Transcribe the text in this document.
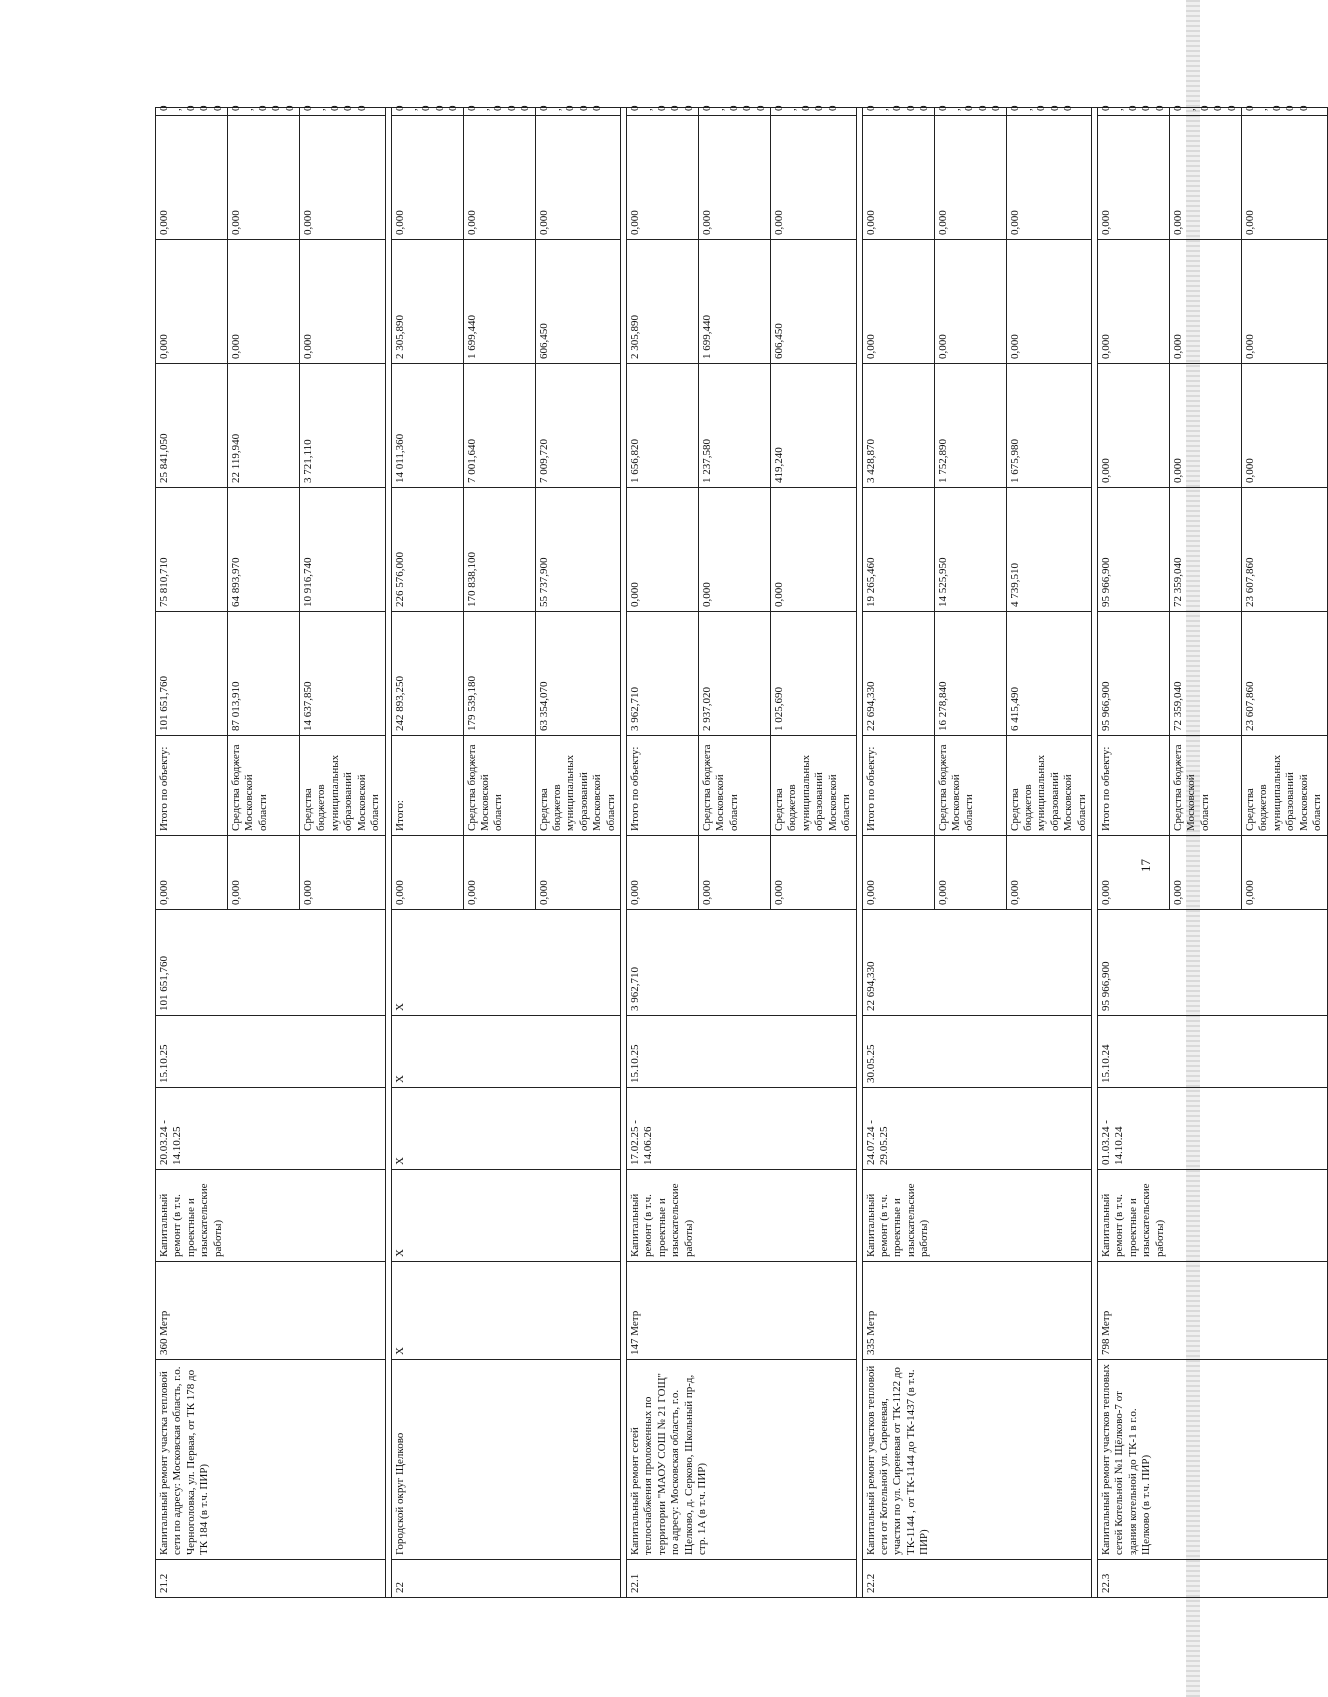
21.2	Капитальный ремонт участка тепловой сети по адресу: Московская область, г.о. Черноголовка, ул. Первая, от ТК 178 до ТК 184 (в т.ч. ПИР)	360 Метр	Капитальный ремонт (в т.ч. проектные и изыскательские работы)	20.03.24 - 14.10.25	15.10.25	101 651,760	0,000	Итого по объекту:	101 651,760	75 810,710	25 841,050	0,000	0,000	0,000	
							0,000	Средства бюджета Московской области	87 013,910	64 893,970	22 119,940	0,000	0,000	0,000	
							0,000	Средства бюджетов муниципальных образований Московской области	14 637,850	10 916,740	3 721,110	0,000	0,000	0,000	

22	Городской округ Щелково	X	X	X	X	X	0,000	Итого:	242 893,250	226 576,000	14 011,360	2 305,890	0,000	0,000	
							0,000	Средства бюджета Московской области	179 539,180	170 838,100	7 001,640	1 699,440	0,000	0,000	
							0,000	Средства бюджетов муниципальных образований Московской области	63 354,070	55 737,900	7 009,720	606,450	0,000	0,000	

22.1	Капитальный ремонт сетей теплоснабжения проложенных по территории "МАОУ СОШ № 21 ГОЩ" по адресу: Московская область, г.о. Щелково, д. Серково, Школьный пр-д, стр. 1А (в т.ч. ПИР)	147 Метр	Капитальный ремонт (в т.ч. проектные и изыскательские работы)	17.02.25 - 14.06.26	15.10.25	3 962,710	0,000	Итого по объекту:	3 962,710	0,000	1 656,820	2 305,890	0,000	0,000	
							0,000	Средства бюджета Московской области	2 937,020	0,000	1 237,580	1 699,440	0,000	0,000	
							0,000	Средства бюджетов муниципальных образований Московской области	1 025,690	0,000	419,240	606,450	0,000	0,000	

22.2	Капитальный ремонт участков тепловой сети от Котельной ул. Сиреневая, участки по ул. Сиреневая от ТК-1122 до ТК-1144 , от ТК-1144 до ТК-1437 (в т.ч. ПИР)	335 Метр	Капитальный ремонт (в т.ч. проектные и изыскательские работы)	24.07.24 - 29.05.25	30.05.25	22 694,330	0,000	Итого по объекту:	22 694,330	19 265,460	3 428,870	0,000	0,000	0,000	
							0,000	Средства бюджета Московской области	16 278,840	14 525,950	1 752,890	0,000	0,000	0,000	
							0,000	Средства бюджетов муниципальных образований Московской области	6 415,490	4 739,510	1 675,980	0,000	0,000	0,000	

22.3	Капитальный ремонт участков тепловых сетей Котельной №1 Щёлково-7 от здания котельной до ТК-1 в г.о. Щелково (в т.ч. ПИР)	798 Метр	Капитальный ремонт (в т.ч. проектные и изыскательские работы)	01.03.24 - 14.10.24	15.10.24	95 966,900	0,000	Итого по объекту:	95 966,900	95 966,900	0,000	0,000	0,000	0,000	
							0,000	Средства бюджета Московской области	72 359,040	72 359,040	0,000	0,000	0,000	0,000	
							0,000	Средства бюджетов муниципальных образований Московской области	23 607,860	23 607,860	0,000	0,000	0,000	0,000	
17
